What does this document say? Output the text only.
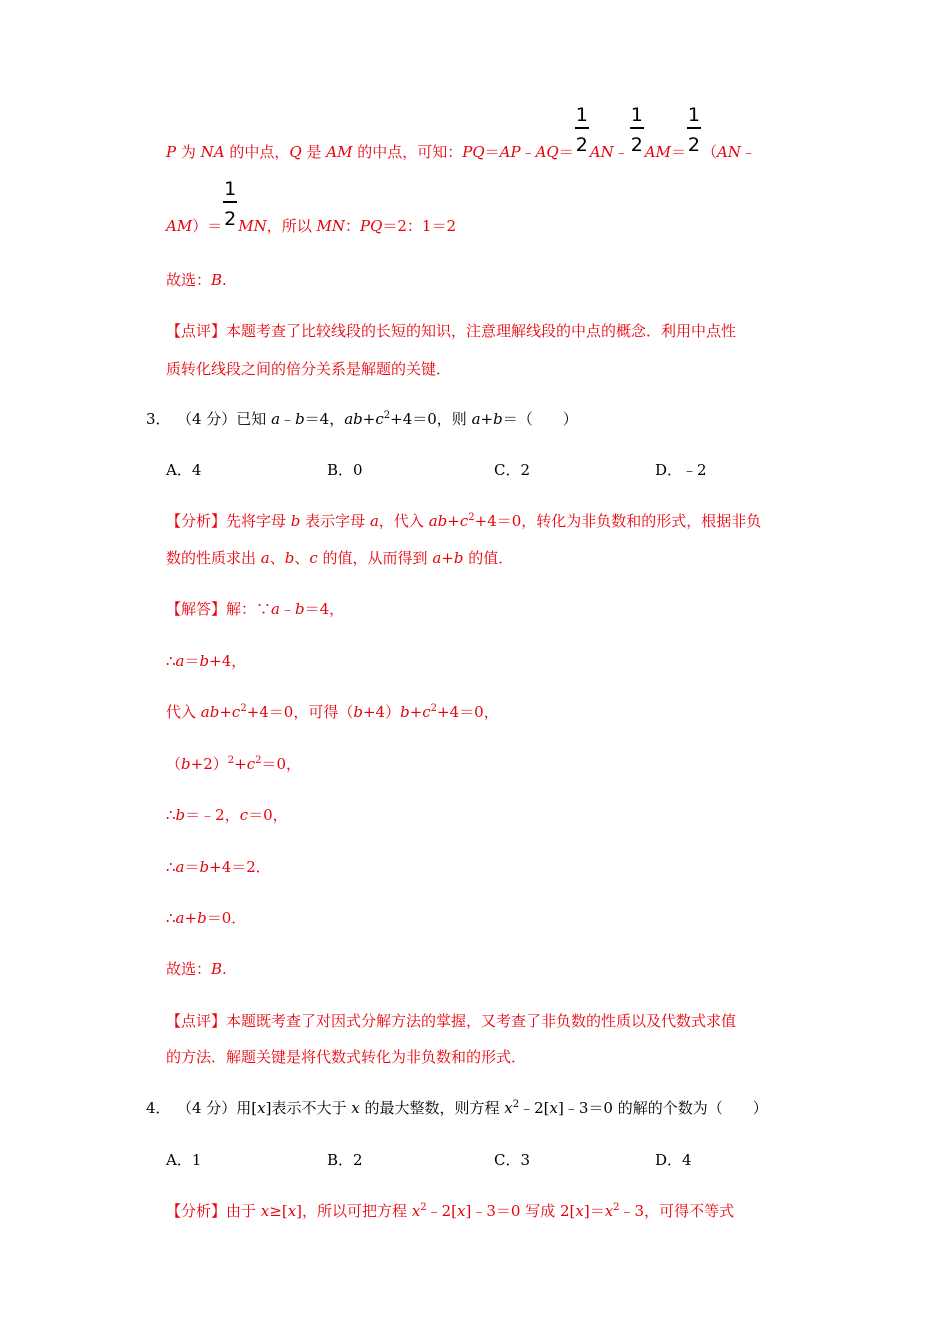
P 为 NA 的中点，Q 是 AM 的中点，可知：PQ＝AP﹣AQ＝ $\frac{1}{2}$ AN﹣ $\frac{1}{2} AM= \frac{1}{2}$ （AN﹣
$AM)= \frac{1}{2}$ MN，所以 MN：PQ＝2：1＝2
故选：B.
【点评】本题考查了比较线段的长短的知识，注意理解线段的中点的概念．利用中点性
质转化线段之间的倍分关系是解题的关键．
3． （4 分）已知 a﹣b＝4，$ab+c^2+4=0$，则 a+b＝（　　）
A．4	B．0	C．2	D．﹣2
【分析】先将字母 b 表示字母 a，代入 $ab+c^2+4=0$，转化为非负数和的形式，根据非负
数的性质求出 a、b、c 的值，从而得到 a+b 的值．
【解答】解：∵a﹣b＝4，
∴a＝b+4，
代入 $ab+c^2+4=0$，可得$(b+4)b+c^2+4=0$，
$(b+2)^2+c^2=0$，
∴b＝﹣2，c＝0，
∴a＝b+4＝2．
∴a+b＝0．
故选：B.
【点评】本题既考查了对因式分解方法的掌握，又考查了非负数的性质以及代数式求值
的方法．解题关键是将代数式转化为非负数和的形式．
4． （4 分）用[x]表示不大于 x 的最大整数，则方程 $x^2﹣2[x]﹣3=0$ 的解的个数为（　　）
A．1	B．2	C．3	D．4
【分析】由于 x≥[x]，所以可把方程 $x^2﹣2[x]﹣3=0$ 写成 $2[x]=x^2﹣3$，可得不等式
